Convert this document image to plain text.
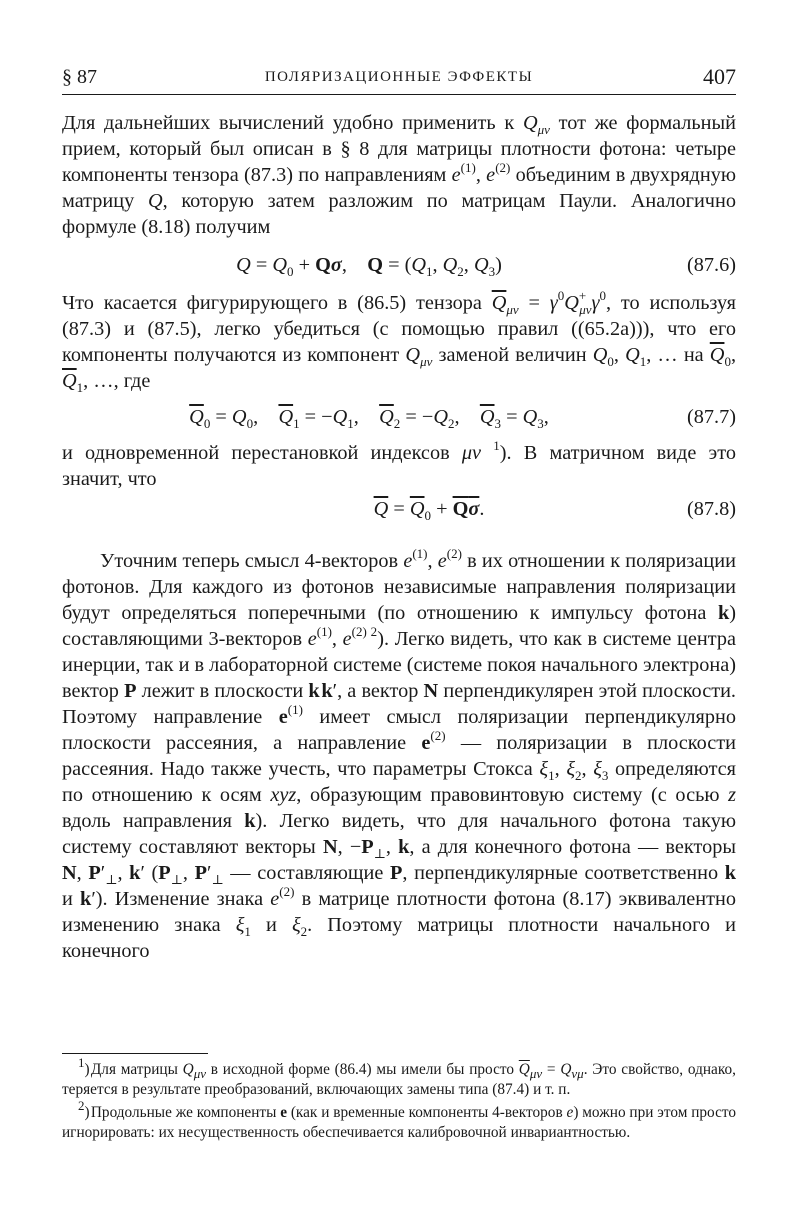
§ 87	ПОЛЯРИЗАЦИОННЫЕ ЭФФЕКТЫ	407

Для дальнейших вычислений удобно применить к $Q_{\mu\nu}$ тот же формальный прием, который был описан в § 8 для матрицы плотности фотона: четыре компоненты тензора (87.3) по направлениям $e^{(1)}$, $e^{(2)}$ объединим в двухрядную матрицу Q, которую затем разложим по матрицам Паули. Аналогично формуле (8.18) получим

$Q = Q_0 + Q\sigma$,    $Q = (Q_1$, $Q_2$, $Q_3$)	(87.6)

Что касается фигурирующего в (86.5) тензора $\overline{Q}_{\mu\nu} = \gamma^0Q^+_{\mu\nu}\gamma^0$, то используя (87.3) и (87.5), легко убедиться (с помощью правил ((65.2a))), что его компоненты получаются из компонент $Q_{\mu\nu}$ заменой величин $Q_0$, $Q_1$, … на $\overline{Q}_0$, $\overline{Q}_1$, …, где

$\overline{Q}_0 = Q_0$,    $\overline{Q}_1 = -Q_1$,    $\overline{Q}_2 = -Q_2$,    $\overline{Q}_3 = Q_3$,	(87.7)

и одновременной перестановкой индексов μν $^1$). В матричном виде это значит, что

$\overline{Q} = \overline{Q}_0 + \overline{Q}\overline{\sigma}$.	(87.8)

Уточним теперь смысл 4-векторов $e^{(1)}$, $e^{(2)}$ в их отношении к поляризации фотонов. Для каждого из фотонов независимые направления поляризации будут определяться поперечными (по отношению к импульсу фотона k) составляющими 3-векторов $e^{(1)}$, $e^{(2) 2}$). Легко видеть, что как в системе центра инерции, так и в лабораторной системе (системе покоя начального электрона) вектор P лежит в плоскости k k′, а вектор N перпендикулярен этой плоскости. Поэтому направление $e^{(1)}$ имеет смысл поляризации перпендикулярно плоскости рассеяния, а направление $e^{(2)}$ — поляризации в плоскости рассеяния. Надо также учесть, что параметры Стокса $\xi_1$, $\xi_2$, $\xi_3$ определяются по отношению к осям xyz, образующим правовинтовую систему (с осью z вдоль направления k). Легко видеть, что для начального фотона такую систему составляют векторы N, $-P_\perp$, k, а для конечного фотона — векторы N, $P'_\perp$, k′ ($P_\perp$, $P'_\perp$ — составляющие P, перпендикулярные соответственно k и k′). Изменение знака $e^{(2)}$ в матрице плотности фотона (8.17) эквивалентно изменению знака $\xi_1$ и $\xi_2$. Поэтому матрицы плотности начального и конечного

$^1$) Для матрицы $Q_{\mu\nu}$ в исходной форме (86.4) мы имели бы просто $\overline{Q}_{\mu\nu} = Q_{\nu\mu}$. Это свойство, однако, теряется в результате преобразований, включающих замены типа (87.4) и т. п.

$^2$) Продольные же компоненты e (как и временные компоненты 4-векторов e) можно при этом просто игнорировать: их несущественность обеспечивается калибровочной инвариантностью.
